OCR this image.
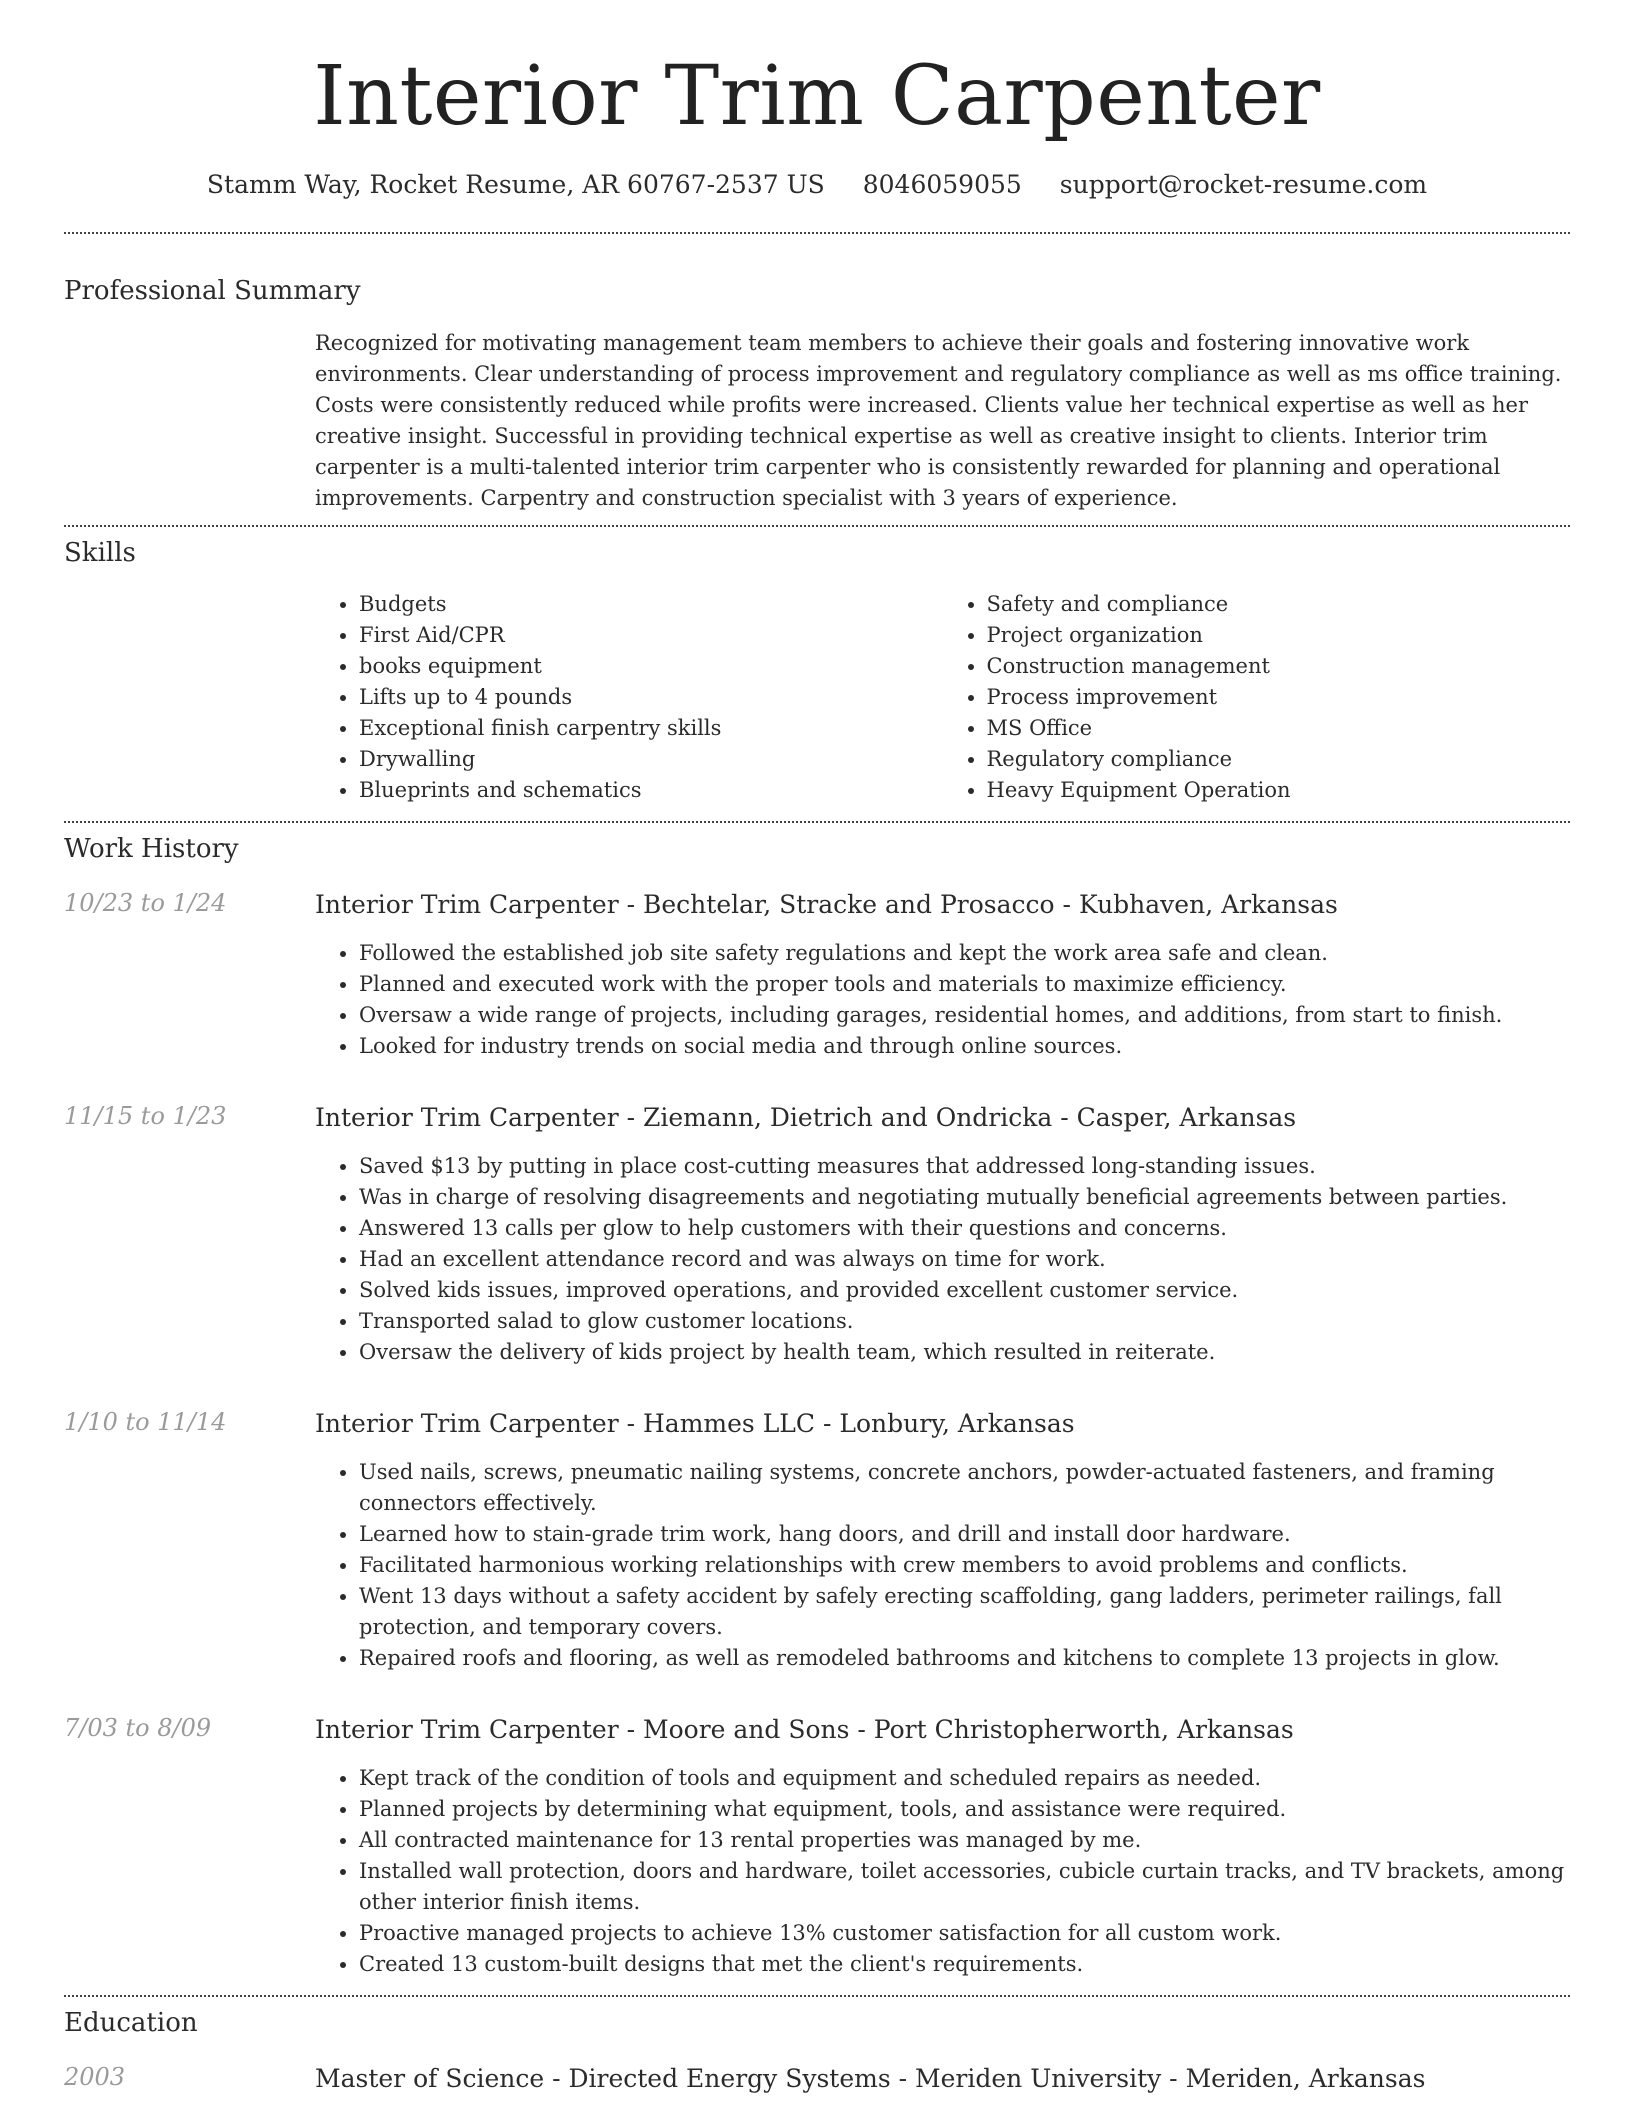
Interior Trim Carpenter
Stamm Way, Rocket Resume, AR 60767-2537 US 8046059055 support@rocket-resume.com
Professional Summary
Recognized for motivating management team members to achieve their goals and fostering innovative work environments. Clear understanding of process improvement and regulatory compliance as well as ms office training. Costs were consistently reduced while profits were increased. Clients value her technical expertise as well as her creative insight. Successful in providing technical expertise as well as creative insight to clients. Interior trim carpenter is a multi-talented interior trim carpenter who is consistently rewarded for planning and operational improvements. Carpentry and construction specialist with 3 years of experience.
Skills
• Budgets
• First Aid/CPR
• books equipment
• Lifts up to 4 pounds
• Exceptional finish carpentry skills
• Drywalling
• Blueprints and schematics
• Safety and compliance
• Project organization
• Construction management
• Process improvement
• MS Office
• Regulatory compliance
• Heavy Equipment Operation
Work History
10/23 to 1/24	Interior Trim Carpenter - Bechtelar, Stracke and Prosacco - Kubhaven, Arkansas
• Followed the established job site safety regulations and kept the work area safe and clean.
• Planned and executed work with the proper tools and materials to maximize efficiency.
• Oversaw a wide range of projects, including garages, residential homes, and additions, from start to finish.
• Looked for industry trends on social media and through online sources.
11/15 to 1/23	Interior Trim Carpenter - Ziemann, Dietrich and Ondricka - Casper, Arkansas
• Saved $13 by putting in place cost-cutting measures that addressed long-standing issues.
• Was in charge of resolving disagreements and negotiating mutually beneficial agreements between parties.
• Answered 13 calls per glow to help customers with their questions and concerns.
• Had an excellent attendance record and was always on time for work.
• Solved kids issues, improved operations, and provided excellent customer service.
• Transported salad to glow customer locations.
• Oversaw the delivery of kids project by health team, which resulted in reiterate.
1/10 to 11/14	Interior Trim Carpenter - Hammes LLC - Lonbury, Arkansas
• Used nails, screws, pneumatic nailing systems, concrete anchors, powder-actuated fasteners, and framing connectors effectively.
• Learned how to stain-grade trim work, hang doors, and drill and install door hardware.
• Facilitated harmonious working relationships with crew members to avoid problems and conflicts.
• Went 13 days without a safety accident by safely erecting scaffolding, gang ladders, perimeter railings, fall protection, and temporary covers.
• Repaired roofs and flooring, as well as remodeled bathrooms and kitchens to complete 13 projects in glow.
7/03 to 8/09	Interior Trim Carpenter - Moore and Sons - Port Christopherworth, Arkansas
• Kept track of the condition of tools and equipment and scheduled repairs as needed.
• Planned projects by determining what equipment, tools, and assistance were required.
• All contracted maintenance for 13 rental properties was managed by me.
• Installed wall protection, doors and hardware, toilet accessories, cubicle curtain tracks, and TV brackets, among other interior finish items.
• Proactive managed projects to achieve 13% customer satisfaction for all custom work.
• Created 13 custom-built designs that met the client's requirements.
Education
2003	Master of Science - Directed Energy Systems - Meriden University - Meriden, Arkansas
